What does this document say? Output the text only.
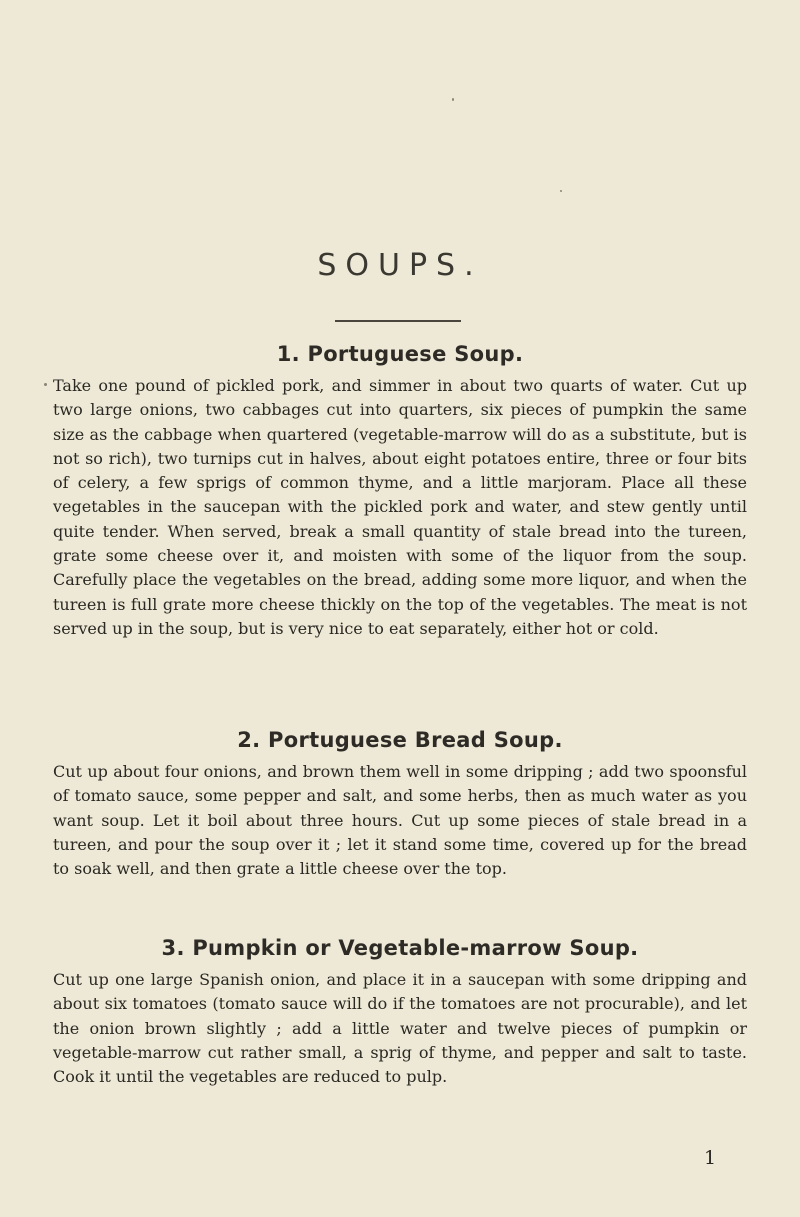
SOUPS.
1. Portuguese Soup.

Take one pound of pickled pork, and simmer in about two quarts of water. Cut up two large onions, two cabbages cut into quarters, six pieces of pumpkin the same size as the cabbage when quartered (vegetable-marrow will do as a substitute, but is not so rich), two turnips cut in halves, about eight potatoes entire, three or four bits of celery, a few sprigs of common thyme, and a little marjoram. Place all these vegetables in the saucepan with the pickled pork and water, and stew gently until quite tender. When served, break a small quantity of stale bread into the tureen, grate some cheese over it, and moisten with some of the liquor from the soup. Carefully place the vegetables on the bread, adding some more liquor, and when the tureen is full grate more cheese thickly on the top of the vegetables. The meat is not served up in the soup, but is very nice to eat separately, either hot or cold.

2. Portuguese Bread Soup.

Cut up about four onions, and brown them well in some dripping ; add two spoonsful of tomato sauce, some pepper and salt, and some herbs, then as much water as you want soup. Let it boil about three hours. Cut up some pieces of stale bread in a tureen, and pour the soup over it ; let it stand some time, covered up for the bread to soak well, and then grate a little cheese over the top.

3. Pumpkin or Vegetable-marrow Soup.

Cut up one large Spanish onion, and place it in a saucepan with some dripping and about six tomatoes (tomato sauce will do if the tomatoes are not procurable), and let the onion brown slightly ; add a little water and twelve pieces of pumpkin or vegetable-marrow cut rather small, a sprig of thyme, and pepper and salt to taste. Cook it until the vegetables are reduced to pulp.

1
